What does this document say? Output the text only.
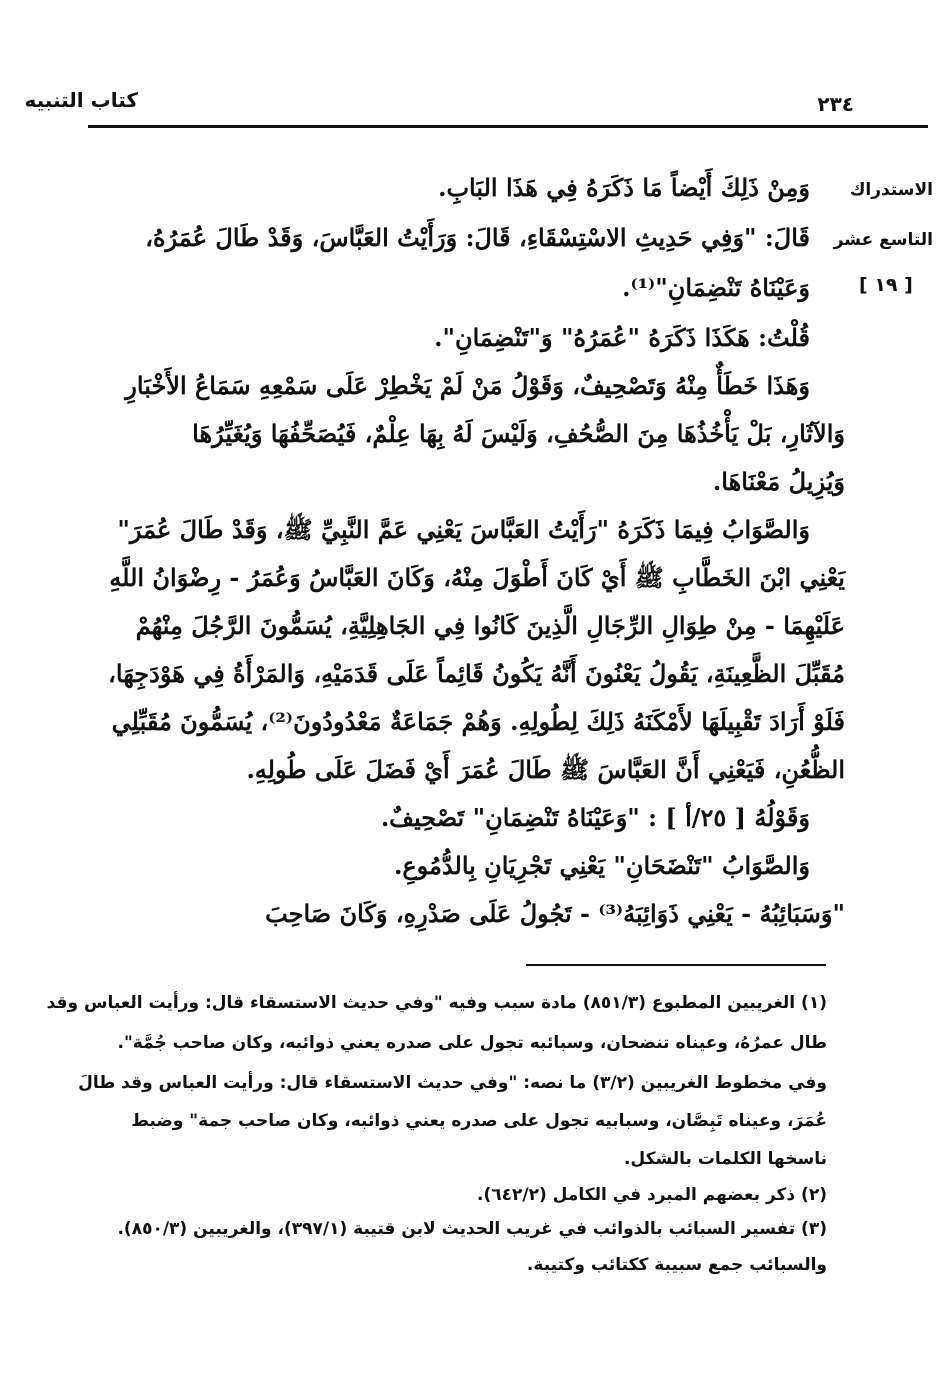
كتاب التنبيه	٢٣٤
الاستدراك
التاسع عشر
[ ١٩ ]
وَمِنْ ذَلِكَ أَيْضاً مَا ذَكَرَهُ فِي هَذَا البَابِ.
قَالَ: "وَفِي حَدِيثِ الاسْتِسْقَاءِ، قَالَ: وَرَأَيْتُ العَبَّاسَ، وَقَدْ طَالَ عُمَرُهُ،
وَعَيْنَاهُ تَنْضِمَانِ"⁽¹⁾.
قُلْتُ: هَكَذَا ذَكَرَهُ "عُمَرُهُ" وَ"تَنْضِمَانِ".
وَهَذَا خَطَأٌ مِنْهُ وَتَصْحِيفٌ، وَقَوْلُ مَنْ لَمْ يَخْطِرْ عَلَى سَمْعِهِ سَمَاعُ الأَخْبَارِ
وَالآثَارِ، بَلْ يَأْخُذُهَا مِنَ الصُّحُفِ، وَلَيْسَ لَهُ بِهَا عِلْمٌ، فَيُصَحِّفُهَا وَيُغَيِّرُهَا
وَيُزِيلُ مَعْنَاهَا.
وَالصَّوَابُ فِيمَا ذَكَرَهُ "رَأَيْتُ العَبَّاسَ يَعْنِي عَمَّ النَّبِيِّ ﷺ، وَقَدْ طَالَ عُمَرَ"
يَعْنِي ابْنَ الخَطَّابِ ﷺ أَيْ كَانَ أَطْوَلَ مِنْهُ، وَكَانَ العَبَّاسُ وَعُمَرُ - رِضْوَانُ اللَّهِ
عَلَيْهِمَا - مِنْ طِوَالِ الرِّجَالِ الَّذِينَ كَانُوا فِي الجَاهِلِيَّةِ، يُسَمُّونَ الرَّجُلَ مِنْهُمْ
مُقَبِّلَ الظَّعِينَةِ، يَقُولُ يَعْنُونَ أَنَّهُ يَكُونُ قَائِماً عَلَى قَدَمَيْهِ، وَالمَرْأَةُ فِي هَوْدَجِهَا،
فَلَوْ أَرَادَ تَقْبِيلَهَا لأَمْكَنَهُ ذَلِكَ لِطُولِهِ. وَهُمْ جَمَاعَةٌ مَعْدُودُونَ⁽²⁾، يُسَمُّونَ مُقَبِّلِي
الظُّعُنِ، فَيَعْنِي أَنَّ العَبَّاسَ ﷺ طَالَ عُمَرَ أَيْ فَضَلَ عَلَى طُولِهِ.
وَقَوْلُهُ [ ٢٥/أ ] : "وَعَيْنَاهُ تَنْضِمَانِ" تَصْحِيفٌ.
وَالصَّوَابُ "تَنْضَحَانِ" يَعْنِي تَجْرِيَانِ بِالدُّمُوعِ.
"وَسَبَائِبُهُ - يَعْنِي ذَوَائِبَهُ⁽³⁾ - تَجُولُ عَلَى صَدْرِهِ، وَكَانَ صَاحِبَ
(١) الغريبين المطبوع (٨٥١/٣) مادة سبب وفيه "وفي حديث الاستسقاء قال: ورأيت العباس وقد
طال عمرُهُ، وعيناه تنضحان، وسبائبه تجول على صدره يعني ذوائبه، وكان صاحب جُمَّة".
وفي مخطوط الغريبين (٣/٢) ما نصه: "وفي حديث الاستسقاء قال: ورأيت العباس وقد طالَ
عُمَرَ، وعيناه تَبِصَّان، وسبابيه تجول على صدره يعني ذوائبه، وكان صاحب جمة" وضبط
ناسخها الكلمات بالشكل.
(٢) ذكر بعضهم المبرد في الكامل (٦٤٢/٢).
(٣) تفسير السبائب بالذوائب في غريب الحديث لابن قتيبة (٣٩٧/١)، والغريبين (٨٥٠/٣).
والسبائب جمع سبيبة ككتائب وكتيبة.
